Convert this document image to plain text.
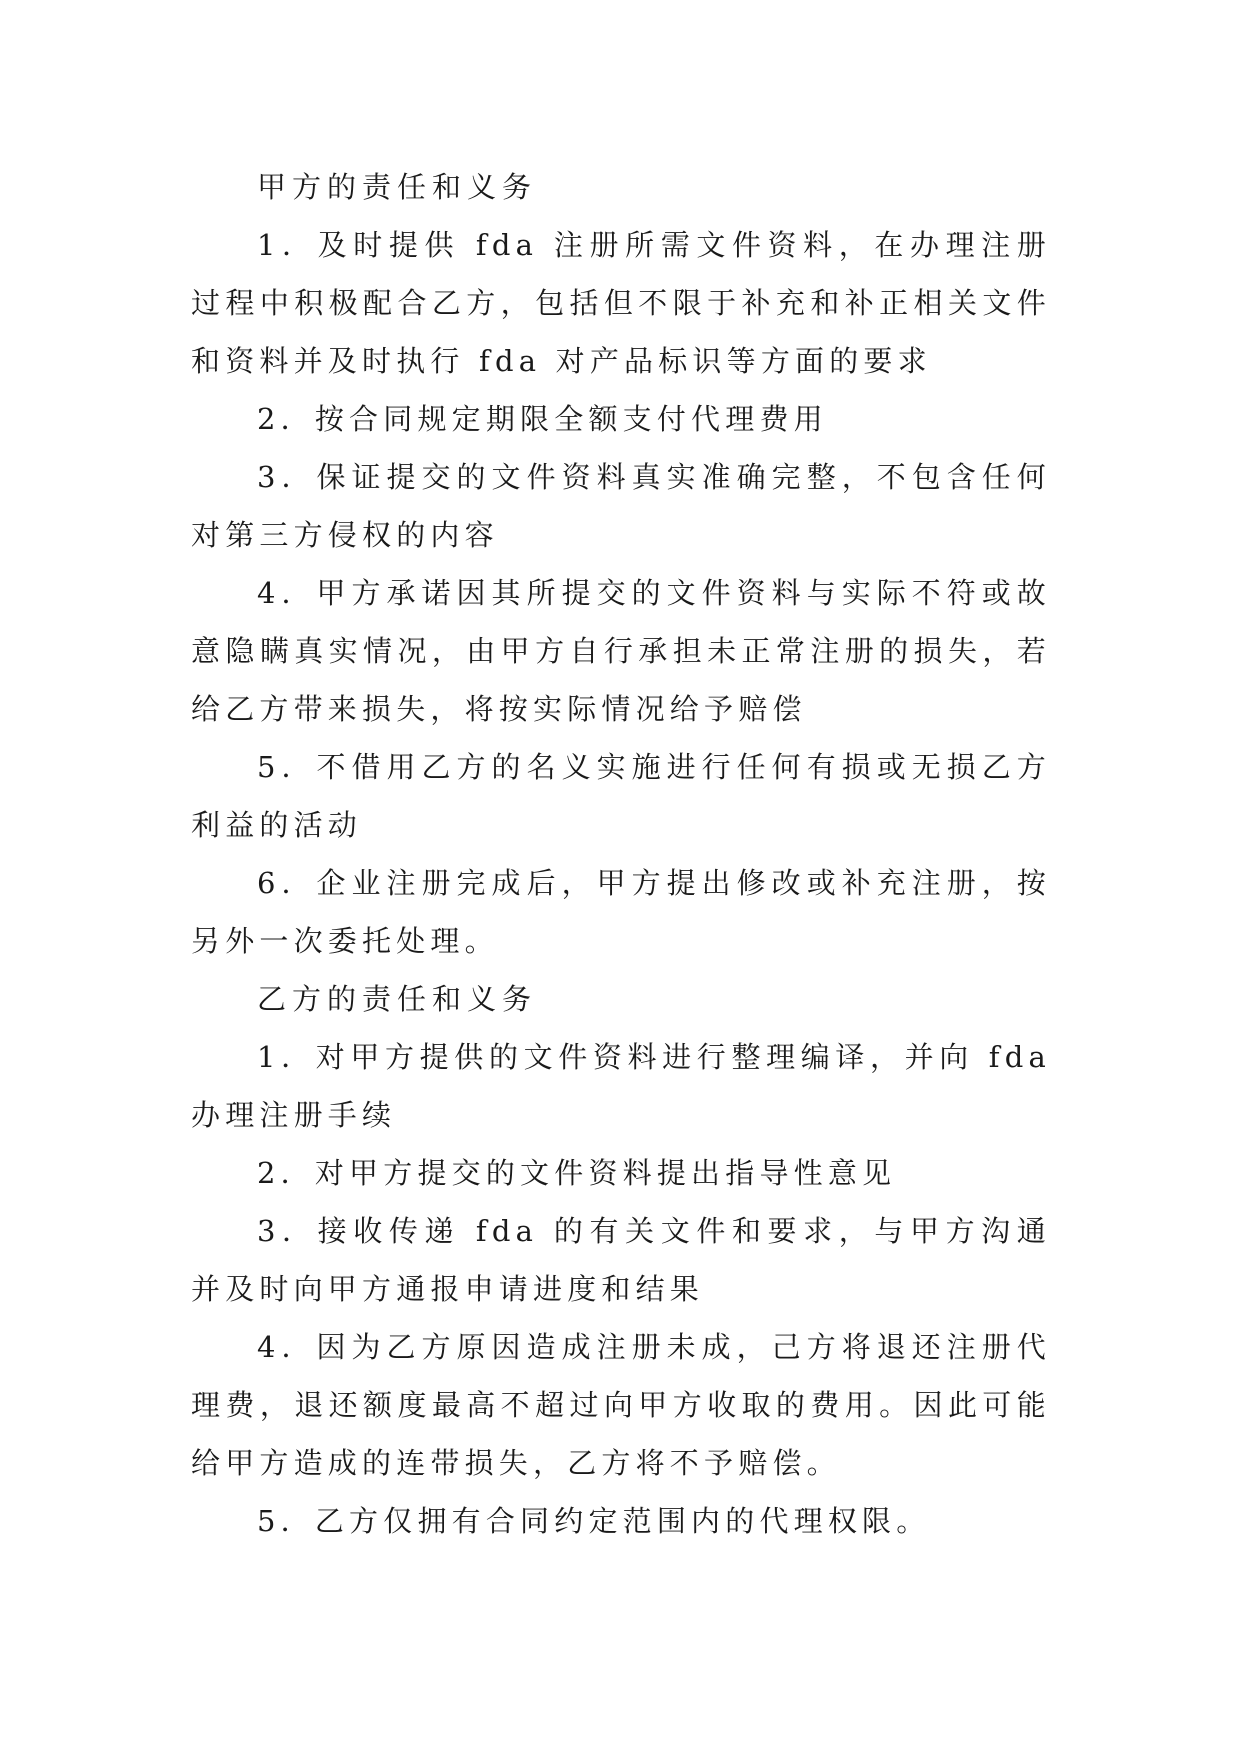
甲方的责任和义务

1．及时提供 fda 注册所需文件资料，在办理注册过程中积极配合乙方，包括但不限于补充和补正相关文件和资料并及时执行 fda 对产品标识等方面的要求

2．按合同规定期限全额支付代理费用

3．保证提交的文件资料真实准确完整，不包含任何对第三方侵权的内容

4．甲方承诺因其所提交的文件资料与实际不符或故意隐瞒真实情况，由甲方自行承担未正常注册的损失，若给乙方带来损失，将按实际情况给予赔偿

5．不借用乙方的名义实施进行任何有损或无损乙方利益的活动

6．企业注册完成后，甲方提出修改或补充注册，按另外一次委托处理。

乙方的责任和义务

1．对甲方提供的文件资料进行整理编译，并向 fda 办理注册手续

2．对甲方提交的文件资料提出指导性意见

3．接收传递 fda 的有关文件和要求，与甲方沟通并及时向甲方通报申请进度和结果

4．因为乙方原因造成注册未成，己方将退还注册代理费，退还额度最高不超过向甲方收取的费用。因此可能给甲方造成的连带损失，乙方将不予赔偿。

5．乙方仅拥有合同约定范围内的代理权限。
